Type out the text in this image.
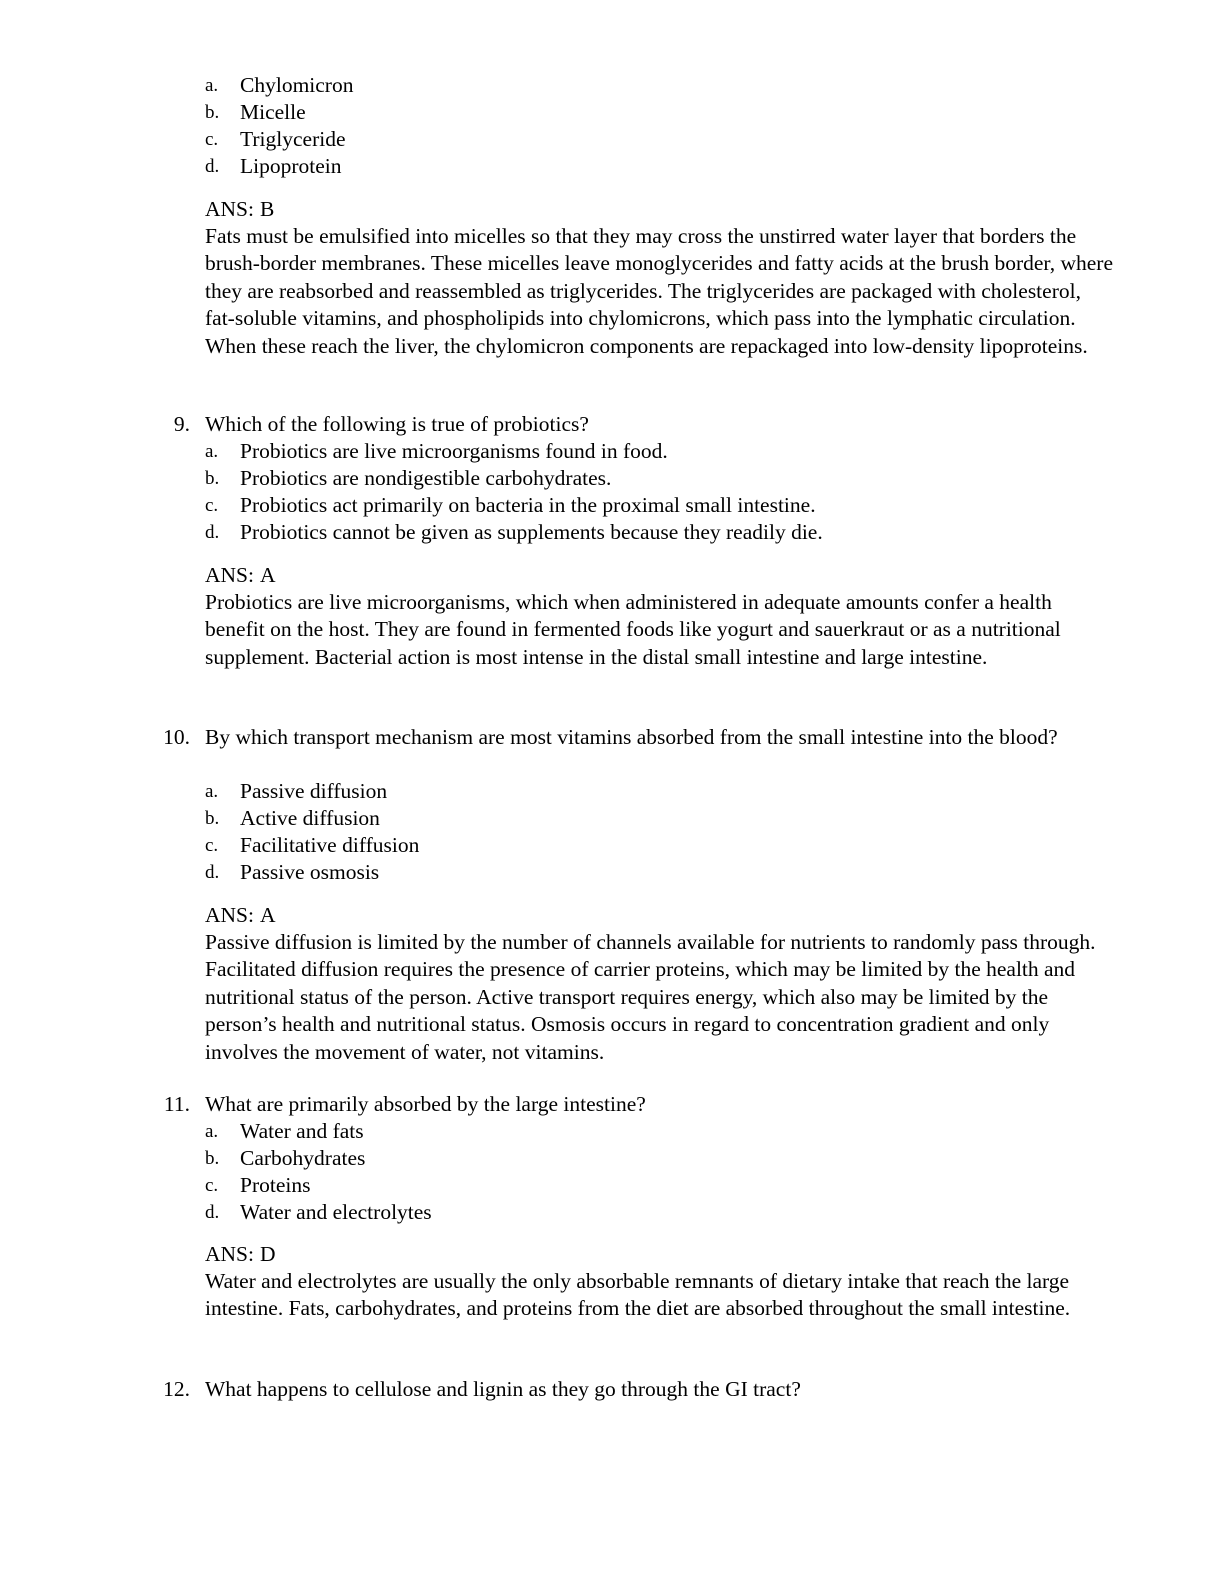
a. Chylomicron
b. Micelle
c. Triglyceride
d. Lipoprotein
ANS: B

Fats must be emulsified into micelles so that they may cross the unstirred water layer that borders the brush-border membranes. These micelles leave monoglycerides and fatty acids at the brush border, where they are reabsorbed and reassembled as triglycerides. The triglycerides are packaged with cholesterol, fat-soluble vitamins, and phospholipids into chylomicrons, which pass into the lymphatic circulation. When these reach the liver, the chylomicron components are repackaged into low-density lipoproteins.

9. Which of the following is true of probiotics?

a. Probiotics are live microorganisms found in food.
b. Probiotics are nondigestible carbohydrates.
c. Probiotics act primarily on bacteria in the proximal small intestine.
d. Probiotics cannot be given as supplements because they readily die.
ANS: A

Probiotics are live microorganisms, which when administered in adequate amounts confer a health benefit on the host. They are found in fermented foods like yogurt and sauerkraut or as a nutritional supplement. Bacterial action is most intense in the distal small intestine and large intestine.

10. By which transport mechanism are most vitamins absorbed from the small intestine into the blood?

a. Passive diffusion
b. Active diffusion
c. Facilitative diffusion
d. Passive osmosis
ANS: A

Passive diffusion is limited by the number of channels available for nutrients to randomly pass through. Facilitated diffusion requires the presence of carrier proteins, which may be limited by the health and nutritional status of the person. Active transport requires energy, which also may be limited by the person’s health and nutritional status. Osmosis occurs in regard to concentration gradient and only involves the movement of water, not vitamins.

11. What are primarily absorbed by the large intestine?

a. Water and fats
b. Carbohydrates
c. Proteins
d. Water and electrolytes
ANS: D

Water and electrolytes are usually the only absorbable remnants of dietary intake that reach the large intestine. Fats, carbohydrates, and proteins from the diet are absorbed throughout the small intestine.

12. What happens to cellulose and lignin as they go through the GI tract?
